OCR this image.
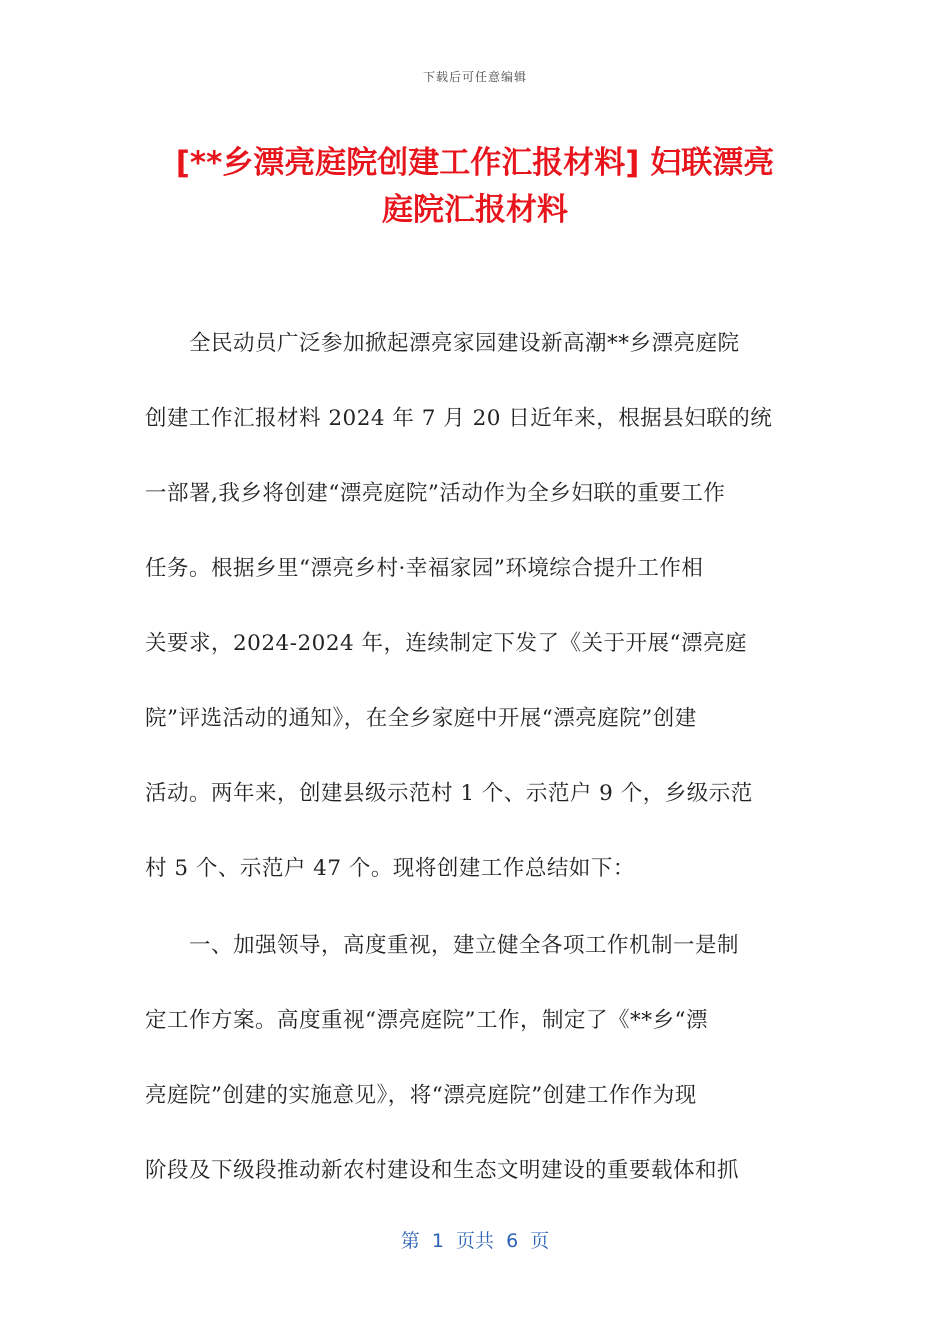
下载后可任意编辑
[**乡漂亮庭院创建工作汇报材料] 妇联漂亮
庭院汇报材料
　　全民动员广泛参加掀起漂亮家园建设新高潮**乡漂亮庭院
创建工作汇报材料 2024 年 7 月 20 日近年来，根据县妇联的统
一部署,我乡将创建“漂亮庭院”活动作为全乡妇联的重要工作
任务。根据乡里“漂亮乡村·幸福家园”环境综合提升工作相
关要求，2024-2024 年，连续制定下发了《关于开展“漂亮庭
院”评选活动的通知》，在全乡家庭中开展“漂亮庭院”创建
活动。两年来，创建县级示范村 1 个、示范户 9 个，乡级示范
村 5 个、示范户 47 个。现将创建工作总结如下：
　　一、加强领导，高度重视，建立健全各项工作机制一是制
定工作方案。高度重视“漂亮庭院”工作，制定了《**乡“漂
亮庭院”创建的实施意见》，将“漂亮庭院”创建工作作为现
阶段及下级段推动新农村建设和生态文明建设的重要载体和抓
第  1  页共  6  页
